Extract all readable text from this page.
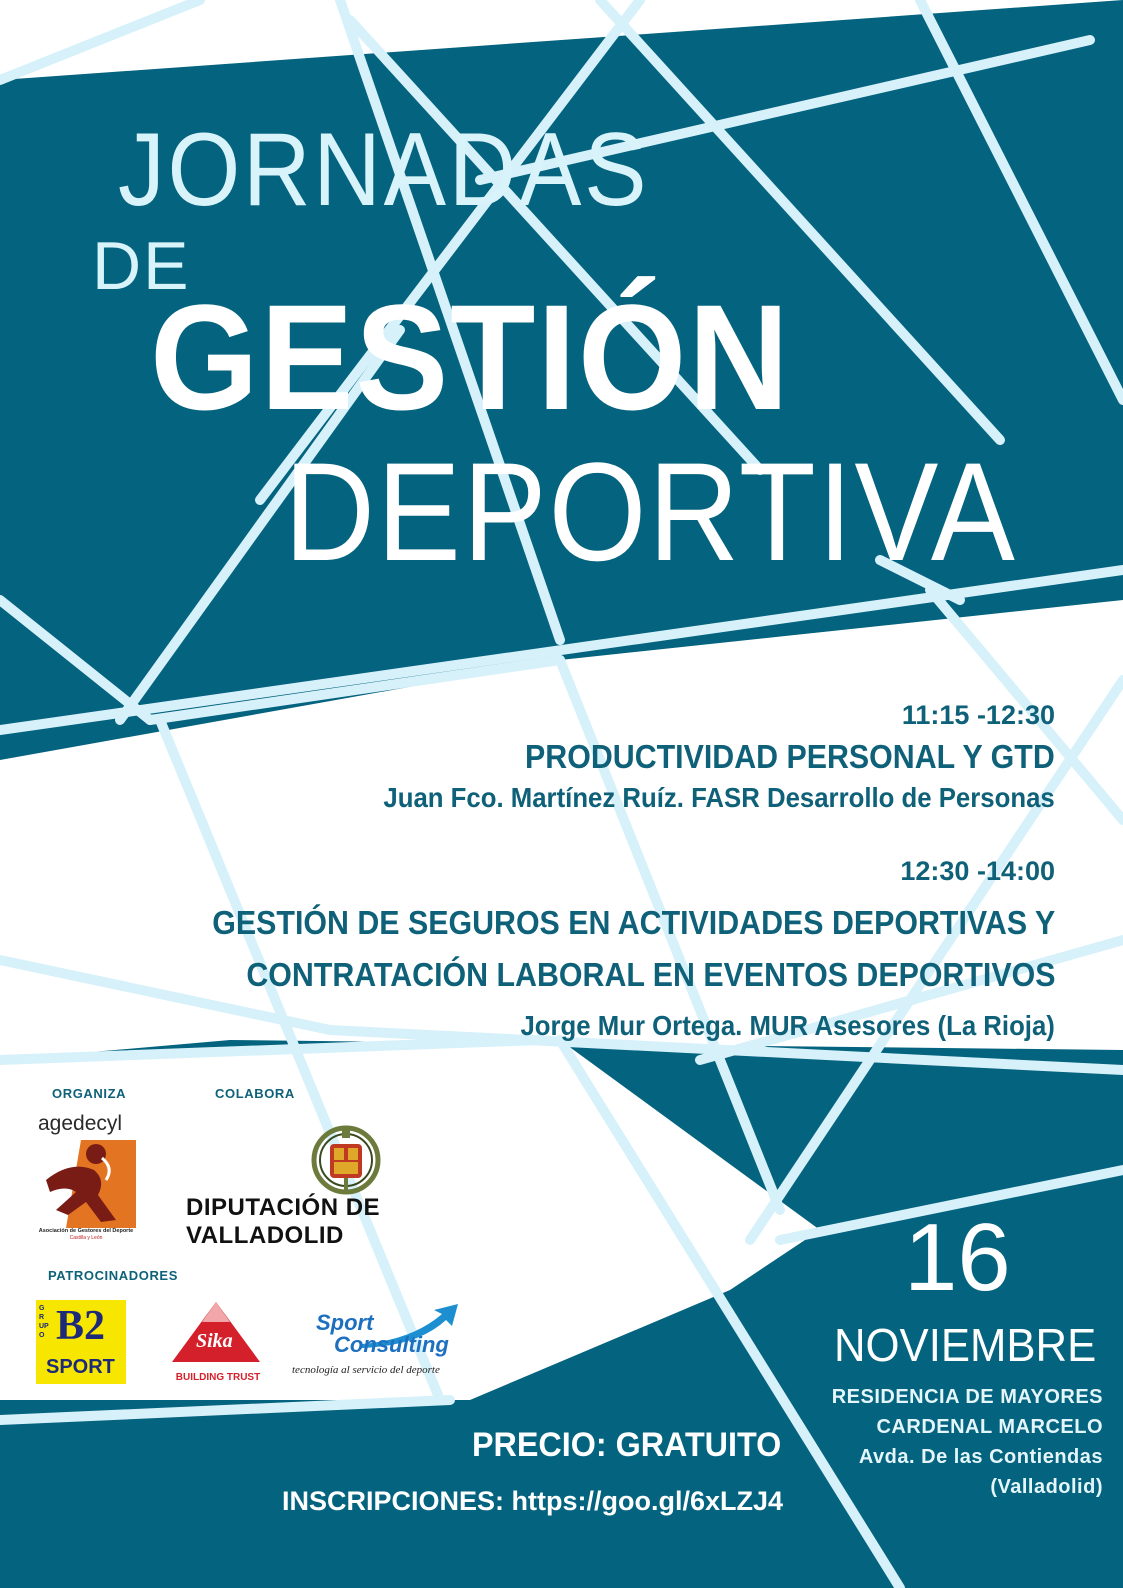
JORNADAS
DE
GESTIÓN
DEPORTIVA
11:15 -12:30
PRODUCTIVIDAD PERSONAL Y GTD
Juan Fco. Martínez Ruíz. FASR Desarrollo de Personas
12:30 -14:00
GESTIÓN DE SEGUROS EN ACTIVIDADES DEPORTIVAS Y
CONTRATACIÓN LABORAL EN EVENTOS DEPORTIVOS
Jorge Mur Ortega. MUR Asesores (La Rioja)
ORGANIZA	COLABORA
PATROCINADORES
agedecyl
Asociación de Gestores del Deporte
Castilla y León
DIPUTACIÓN DE VALLADOLID
GRUPO B2
SPORT
Sika
BUILDING TRUST
Sport
Consulting
tecnología al servicio del deporte
16
NOVIEMBRE
RESIDENCIA DE MAYORES
CARDENAL MARCELO
Avda. De las Contiendas
(Valladolid)
PRECIO: GRATUITO
INSCRIPCIONES: https://goo.gl/6xLZJ4
